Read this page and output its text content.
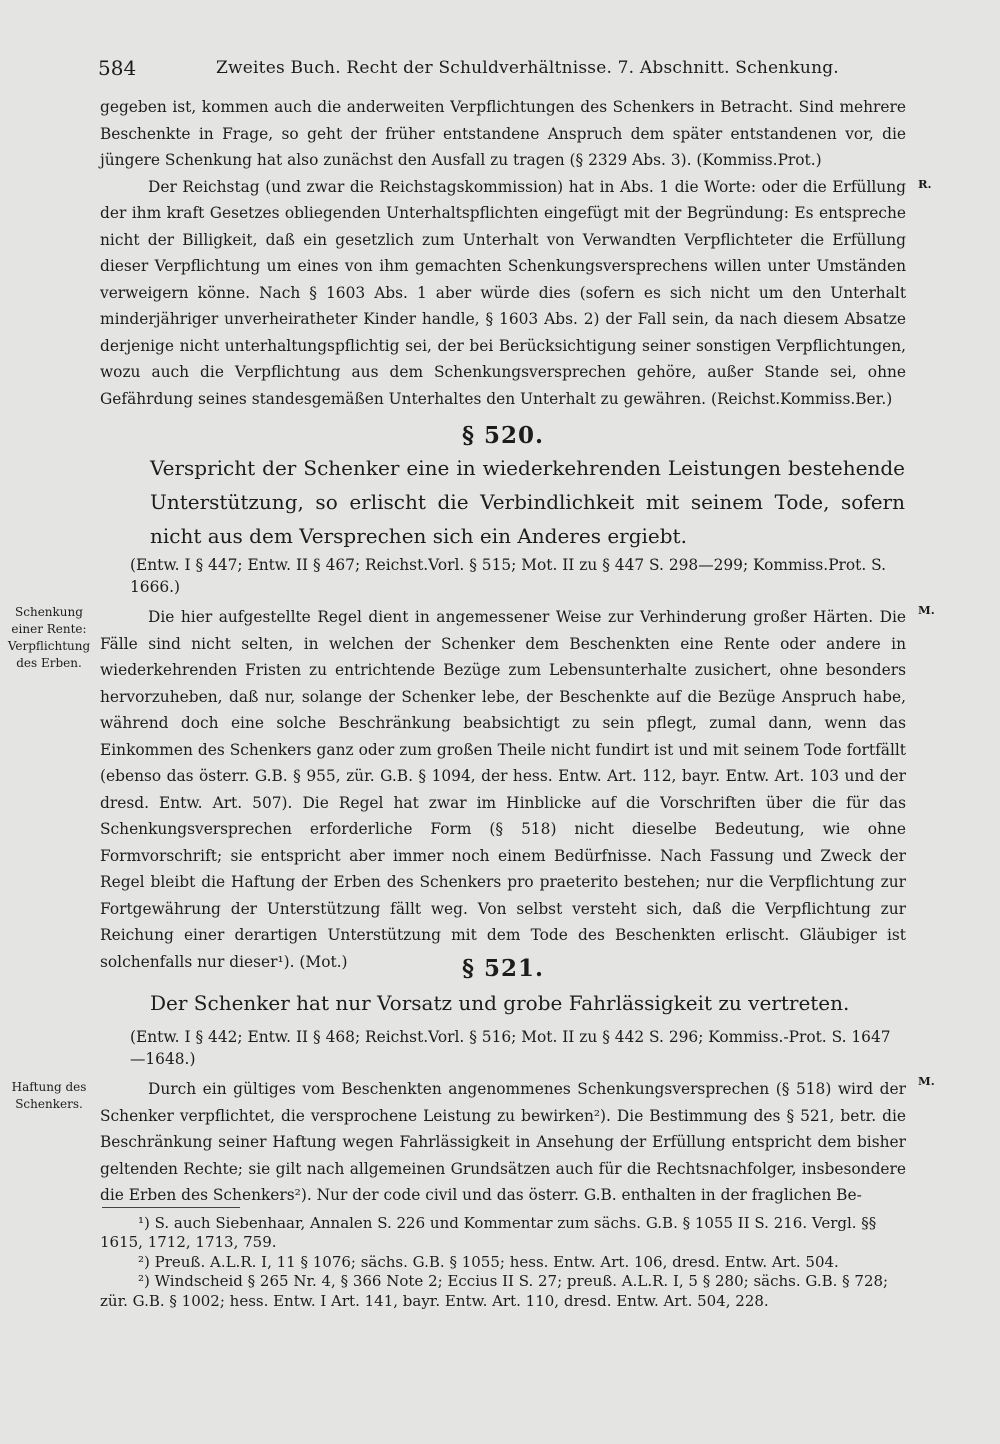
584	Zweites Buch. Recht der Schuldverhältnisse. 7. Abschnitt. Schenkung.

gegeben ist, kommen auch die anderweiten Verpflichtungen des Schenkers in Betracht. Sind mehrere Beschenkte in Frage, so geht der früher entstandene Anspruch dem später entstandenen vor, die jüngere Schenkung hat also zunächst den Ausfall zu tragen (§ 2329 Abs. 3). (Kommiss.Prot.)

Der Reichstag (und zwar die Reichstagskommission) hat in Abs. 1 die Worte: oder die Erfüllung der ihm kraft Gesetzes obliegenden Unterhaltspflichten eingefügt mit der Begründung: Es entspreche nicht der Billigkeit, daß ein gesetzlich zum Unterhalt von Verwandten Verpflichteter die Erfüllung dieser Verpflichtung um eines von ihm gemachten Schenkungsversprechens willen unter Umständen verweigern könne. Nach § 1603 Abs. 1 aber würde dies (sofern es sich nicht um den Unterhalt minderjähriger unverheiratheter Kinder handle, § 1603 Abs. 2) der Fall sein, da nach diesem Absatze derjenige nicht unterhaltungspflichtig sei, der bei Berücksichtigung seiner sonstigen Verpflichtungen, wozu auch die Verpflichtung aus dem Schenkungsversprechen gehöre, außer Stande sei, ohne Gefährdung seines standesgemäßen Unterhaltes den Unterhalt zu gewähren. (Reichst.Kommiss.Ber.)

R.
§ 520.
Verspricht der Schenker eine in wiederkehrenden Leistungen bestehende Unterstützung, so erlischt die Verbindlichkeit mit seinem Tode, sofern nicht aus dem Versprechen sich ein Anderes ergiebt.
(Entw. I § 447; Entw. II § 467; Reichst.Vorl. § 515; Mot. II zu § 447 S. 298—299; Kommiss.Prot. S. 1666.)
Schenkung einer Rente: Verpflichtung des Erben.
M.

Die hier aufgestellte Regel dient in angemessener Weise zur Verhinderung großer Härten. Die Fälle sind nicht selten, in welchen der Schenker dem Beschenkten eine Rente oder andere in wiederkehrenden Fristen zu entrichtende Bezüge zum Lebensunterhalte zusichert, ohne besonders hervorzuheben, daß nur, solange der Schenker lebe, der Beschenkte auf die Bezüge Anspruch habe, während doch eine solche Beschränkung beabsichtigt zu sein pflegt, zumal dann, wenn das Einkommen des Schenkers ganz oder zum großen Theile nicht fundirt ist und mit seinem Tode fortfällt (ebenso das österr. G.B. § 955, zür. G.B. § 1094, der hess. Entw. Art. 112, bayr. Entw. Art. 103 und der dresd. Entw. Art. 507). Die Regel hat zwar im Hinblicke auf die Vorschriften über die für das Schenkungsversprechen erforderliche Form (§ 518) nicht dieselbe Bedeutung, wie ohne Formvorschrift; sie entspricht aber immer noch einem Bedürfnisse. Nach Fassung und Zweck der Regel bleibt die Haftung der Erben des Schenkers pro praeterito bestehen; nur die Verpflichtung zur Fortgewährung der Unterstützung fällt weg. Von selbst versteht sich, daß die Verpflichtung zur Reichung einer derartigen Unterstützung mit dem Tode des Beschenkten erlischt. Gläubiger ist solchenfalls nur dieser¹). (Mot.)	§ 521.
Der Schenker hat nur Vorsatz und grobe Fahrlässigkeit zu vertreten.
(Entw. I § 442; Entw. II § 468; Reichst.Vorl. § 516; Mot. II zu § 442 S. 296; Kommiss.-Prot. S. 1647—1648.)
Haftung des Schenkers.
M.

Durch ein gültiges vom Beschenkten angenommenes Schenkungsversprechen (§ 518) wird der Schenker verpflichtet, die versprochene Leistung zu bewirken²). Die Bestimmung des § 521, betr. die Beschränkung seiner Haftung wegen Fahrlässigkeit in Ansehung der Erfüllung entspricht dem bisher geltenden Rechte; sie gilt nach allgemeinen Grundsätzen auch für die Rechtsnachfolger, insbesondere die Erben des Schenkers²). Nur der code civil und das österr. G.B. enthalten in der fraglichen Be-

¹) S. auch Siebenhaar, Annalen S. 226 und Kommentar zum sächs. G.B. § 1055 II S. 216. Vergl. §§ 1615, 1712, 1713, 759.

²) Preuß. A.L.R. I, 11 § 1076; sächs. G.B. § 1055; hess. Entw. Art. 106, dresd. Entw. Art. 504.

²) Windscheid § 265 Nr. 4, § 366 Note 2; Eccius II S. 27; preuß. A.L.R. I, 5 § 280; sächs. G.B. § 728; zür. G.B. § 1002; hess. Entw. I Art. 141, bayr. Entw. Art. 110, dresd. Entw. Art. 504, 228.
